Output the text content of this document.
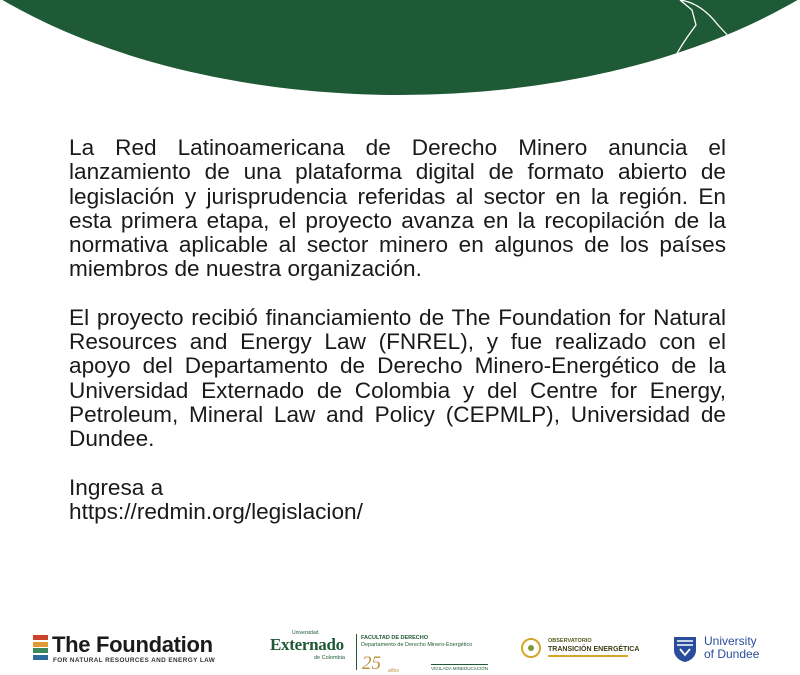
La Red Latinoamericana de Derecho Minero anuncia el lanzamiento de una plataforma digital de formato abierto de legislación y jurisprudencia referidas al sector en la región. En esta primera etapa, el proyecto avanza en la recopilación de la normativa aplicable al sector minero en algunos de los países miembros de nuestra organización.

El proyecto recibió financiamiento de The Foundation for Natural Resources and Energy Law (FNREL), y fue realizado con el apoyo del Departamento de Derecho Minero-Energético de la Universidad Externado de Colombia y del Centre for Energy, Petroleum, Mineral Law and Policy (CEPMLP), Universidad de Dundee.

Ingresa a
https://redmin.org/legislacion/

The Foundation
FOR NATURAL RESOURCES AND ENERGY LAW
Universidad
Externado
de Colombia
FACULTAD DE DERECHO
Departamento de Derecho Minero-Energético
25 años	VIGILADA MINEDUCACIÓN
OBSERVATORIO
TRANSICIÓN ENERGÉTICA
University
of Dundee
